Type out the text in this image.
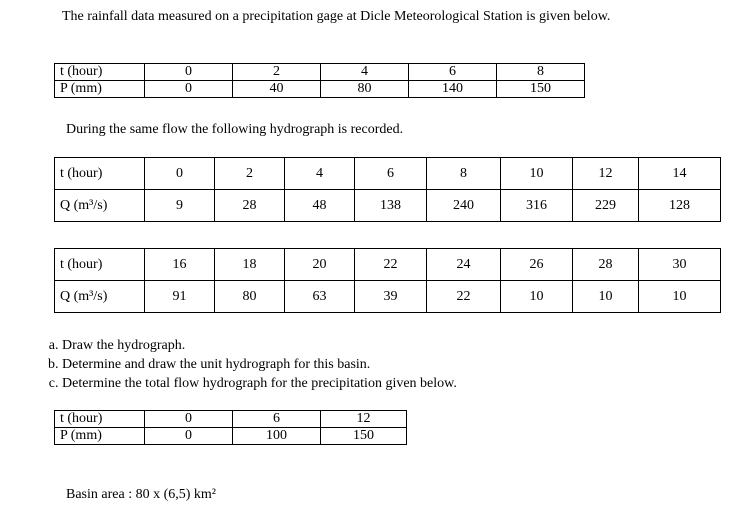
The rainfall data measured on a precipitation gage at Dicle Meteorological Station is given below.
t (hour)	0	2	4	6	8
P (mm)	0	40	80	140	150
During the same flow the following hydrograph is recorded.
t (hour)	0	2	4	6	8	10	12	14
Q (m³/s)	9	28	48	138	240	316	229	128
t (hour)	16	18	20	22	24	26	28	30
Q (m³/s)	91	80	63	39	22	10	10	10
a. Draw the hydrograph.
b. Determine and draw the unit hydrograph for this basin.
c. Determine the total flow hydrograph for the precipitation given below.
t (hour)	0	6	12
P (mm)	0	100	150
Basin area : 80 x (6,5) km²
